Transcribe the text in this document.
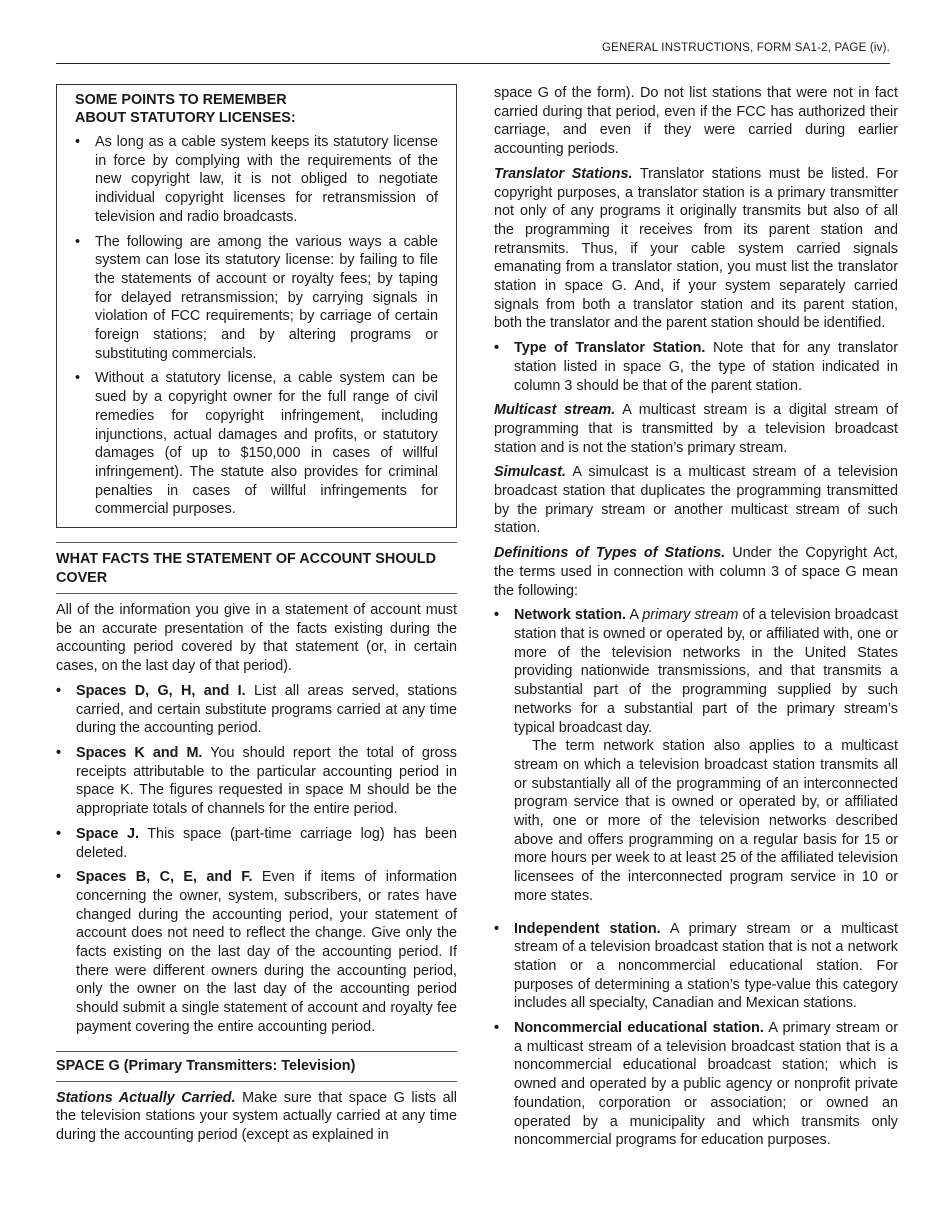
GENERAL INSTRUCTIONS, FORM SA1-2, PAGE (iv).
SOME POINTS TO REMEMBER
ABOUT STATUTORY LICENSES:
• As long as a cable system keeps its statutory license in force by complying with the requirements of the new copyright law, it is not obliged to negotiate individual copyright licenses for retransmission of television and radio broadcasts.
• The following are among the various ways a cable system can lose its statutory license: by failing to file the statements of account or royalty fees; by taping for delayed retransmission; by carrying signals in violation of FCC requirements; by carriage of certain foreign stations; and by altering programs or substituting commercials.
• Without a statutory license, a cable system can be sued by a copyright owner for the full range of civil remedies for copyright infringement, including injunctions, actual damages and profits, or statutory damages (of up to $150,000 in cases of willful infringement). The statute also provides for criminal penalties in cases of willful infringements for commercial purposes.
WHAT FACTS THE STATEMENT OF ACCOUNT SHOULD COVER

All of the information you give in a statement of account must be an accurate presentation of the facts existing during the accounting period covered by that statement (or, in certain cases, on the last day of that period).

• Spaces D, G, H, and I. List all areas served, stations carried, and certain substitute programs carried at any time during the accounting period.
• Spaces K and M. You should report the total of gross receipts attributable to the particular accounting period in space K. The figures requested in space M should be the appropriate totals of channels for the entire period.
• Space J. This space (part-time carriage log) has been deleted.
• Spaces B, C, E, and F. Even if items of information concerning the owner, system, subscribers, or rates have changed during the accounting period, your statement of account does not need to reflect the change. Give only the facts existing on the last day of the accounting period. If there were different owners during the accounting period, only the owner on the last day of the accounting period should submit a single statement of account and royalty fee payment covering the entire accounting period.
SPACE G (Primary Transmitters: Television)

Stations Actually Carried. Make sure that space G lists all the television stations your system actually carried at any time during the accounting period (except as explained in

space G of the form). Do not list stations that were not in fact carried during that period, even if the FCC has authorized their carriage, and even if they were carried during earlier accounting periods.

Translator Stations. Translator stations must be listed. For copyright purposes, a translator station is a primary transmitter not only of any programs it originally transmits but also of all the programming it receives from its parent station and retransmits. Thus, if your cable system carried signals emanating from a translator station, you must list the translator station in space G. And, if your system separately carried signals from both a translator station and its parent station, both the translator and the parent station should be identified.

• Type of Translator Station. Note that for any translator station listed in space G, the type of station indicated in column 3 should be that of the parent station.

Multicast stream. A multicast stream is a digital stream of programming that is transmitted by a television broadcast station and is not the station’s primary stream.

Simulcast. A simulcast is a multicast stream of a television broadcast station that duplicates the programming transmitted by the primary stream or another multicast stream of such station.

Definitions of Types of Stations. Under the Copyright Act, the terms used in connection with column 3 of space G mean the following:

• Network station. A primary stream of a television broadcast station that is owned or operated by, or affiliated with, one or more of the television networks in the United States providing nationwide transmissions, and that transmits a substantial part of the programming supplied by such networks for a substantial part of the primary stream’s typical broadcast day.
The term network station also applies to a multicast stream on which a television broadcast station transmits all or substantially all of the programming of an interconnected program service that is owned or operated by, or affiliated with, one or more of the television networks described above and offers programming on a regular basis for 15 or more hours per week to at least 25 of the affiliated television licensees of the interconnected program service in 10 or more states.
• Independent station. A primary stream or a multicast stream of a television broadcast station that is not a network station or a noncommercial educational station. For purposes of determining a station’s type-value this category includes all specialty, Canadian and Mexican stations.
• Noncommercial educational station. A primary stream or a multicast stream of a television broadcast station that is a noncommercial educational broadcast station; which is owned and operated by a public agency or nonprofit private foundation, corporation or association; or owned an operated by a municipality and which transmits only noncommercial programs for education purposes.
